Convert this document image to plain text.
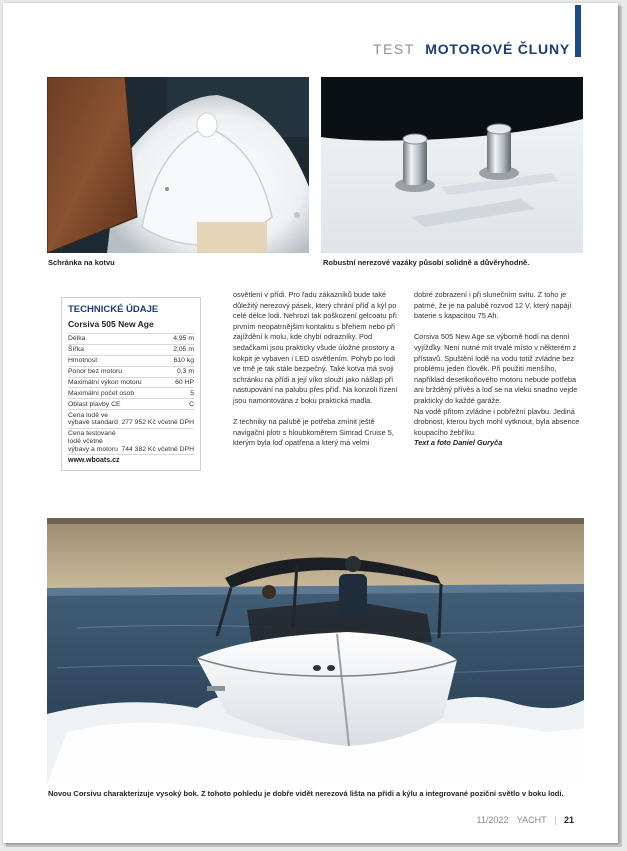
TEST MOTOROVÉ ČLUNY
Schránka na kotvu	Robustní nerezové vazáky působí solidně a důvěryhodně.
TECHNICKÉ ÚDAJE
Corsiva 505 New Age
Délka	4,95 m
Šířka	2,05 m
Hmotnost	610 kg
Ponor bez motoru	0,3 m
Maximální výkon motoru	60 HP
Maximální počet osob	5
Oblast plavby CE	C
Cena lodě ve výbavě standard 277 952 Kč včetně DPH
Cena testované lodě včetně výbavy a motoru 744 382 Kč včetně DPH
www.wboats.cz

osvětlení v přídi. Pro řadu zákazníků bude také důležitý nerezový pásek, který chrání příď a kýl po celé délce lodi. Nehrozí tak poškození gelcoatu při prvním neopatrnějším kontaktu s břehem nebo při zajíždění k molu, kde chybí odrazníky. Pod sedačkami jsou prakticky všude úložné prostory a kokpit je vybaven i LED osvětlením. Pohyb po lodi ve tmě je tak stále bezpečný. Také kotva má svoji schránku na přídi a její víko slouží jako nášlap při nastupování na palubu přes příď. Na konzoli řízení jsou namontována z boku praktická madla.

Z techniky na palubě je potřeba zmínit ještě navigační plotr s hloubkoměrem Simrad Cruise 5, kterým byla loď opatřena a který má velmi

dobré zobrazení i při slunečním svitu. Z toho je patrné, že je na palubě rozvod 12 V, který napájí baterie s kapacitou 75 Ah.

Corsiva 505 New Age se výborně hodí na denní vyjížďky. Není nutné mít trvalé místo v některém z přístavů. Spuštění lodě na vodu totiž zvládne bez problému jeden člověk. Při použití menšího, například desetikoňového motoru nebude potřeba ani bržděný přívěs a loď se na vleku snadno vejde prakticky do každé garáže.

Na vodě přitom zvládne i pobřežní plavbu. Jediná drobnost, kterou bych mohl vytknout, byla absence koupacího žebříku.

Text a foto Daniel Guryča

Novou Corsivu charakterizuje vysoký bok. Z tohoto pohledu je dobře vidět nerezová lišta na přídi a kýlu a integrované poziční světlo v boku lodi.
11/2022 YACHT | 21
